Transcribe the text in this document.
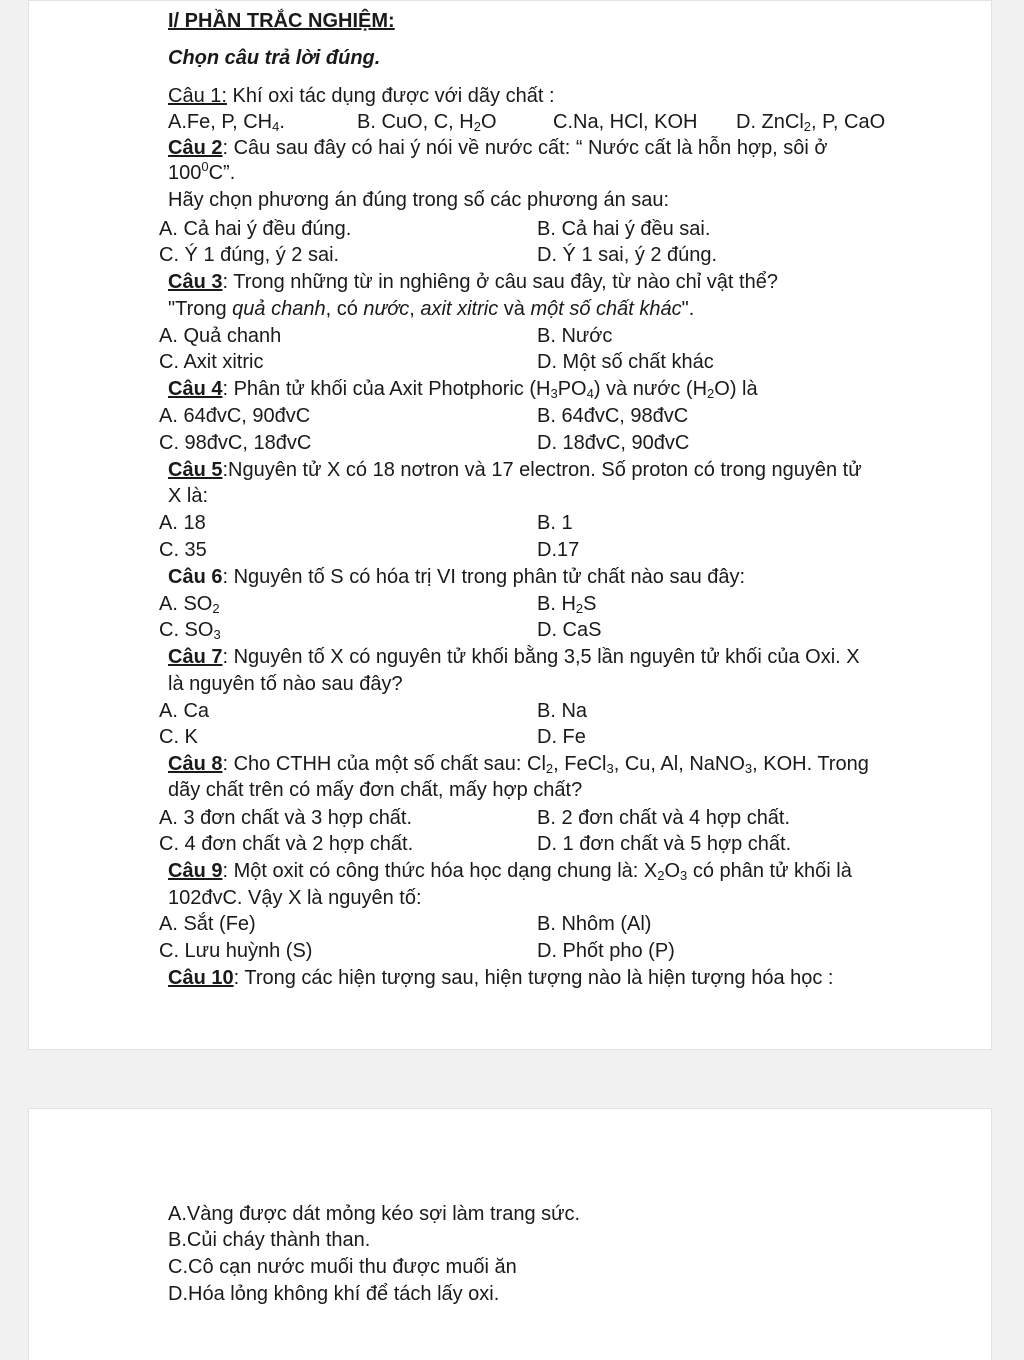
I/ PHẦN TRẮC NGHIỆM:
Chọn câu trả lời đúng.
Câu 1: Khí oxi tác dụng được với dãy chất :
A.Fe, P, $CH_4$.	B. CuO, C, $H_2O$	C.Na, HCl, KOH D. ZnCl$_2$, P, CaO
Câu 2: Câu sau đây có hai ý nói về nước cất: “ Nước cất là hỗn hợp, sôi ở
$100^0C$”.
Hãy chọn phương án đúng trong số các phương án sau:
A. Cả hai ý đều đúng.	B. Cả hai ý đều sai.
C. Ý 1 đúng, ý 2 sai.	D. Ý 1 sai, ý 2 đúng.
Câu 3: Trong những từ in nghiêng ở câu sau đây, từ nào chỉ vật thể?
"Trong quả chanh, có nước, axit xitric và một số chất khác".
A. Quả chanh	B. Nước
C. Axit xitric	D. Một số chất khác
Câu 4: Phân tử khối của Axit Photphoric $(H_3PO_4)$ và nước $(H_2O)$ là
A. 64đvC, 90đvC	B. 64đvC, 98đvC
C. 98đvC, 18đvC	D. 18đvC, 90đvC
Câu 5:Nguyên tử X có 18 nơtron và 17 electron. Số proton có trong nguyên tử
X là:
A. 18	B. 1
C. 35	D.17
Câu 6: Nguyên tố S có hóa trị VI trong phân tử chất nào sau đây:
A. $SO_2$	B. $H_2S$
C. $SO_3$	D. CaS
Câu 7: Nguyên tố X có nguyên tử khối bằng 3,5 lần nguyên tử khối của Oxi. X
là nguyên tố nào sau đây?
A. Ca	B. Na
C. K	D. Fe
Câu 8: Cho CTHH của một số chất sau: $Cl_2$, FeCl$_3$, Cu, Al, NaNO$_3$, KOH. Trong
dãy chất trên có mấy đơn chất, mấy hợp chất?
A. 3 đơn chất và 3 hợp chất.	B. 2 đơn chất và 4 hợp chất.
C. 4 đơn chất và 2 hợp chất.	D. 1 đơn chất và 5 hợp chất.
Câu 9: Một oxit có công thức hóa học dạng chung là: $X_2O_3$ có phân tử khối là
102đvC. Vậy X là nguyên tố:
A. Sắt (Fe)	B. Nhôm (Al)
C. Lưu huỳnh (S)	D. Phốt pho (P)
Câu 10: Trong các hiện tượng sau, hiện tượng nào là hiện tượng hóa học :
A.Vàng được dát mỏng kéo sợi làm trang sức.
B.Củi cháy thành than.
C.Cô cạn nước muối thu được muối ăn
D.Hóa lỏng không khí để tách lấy oxi.
